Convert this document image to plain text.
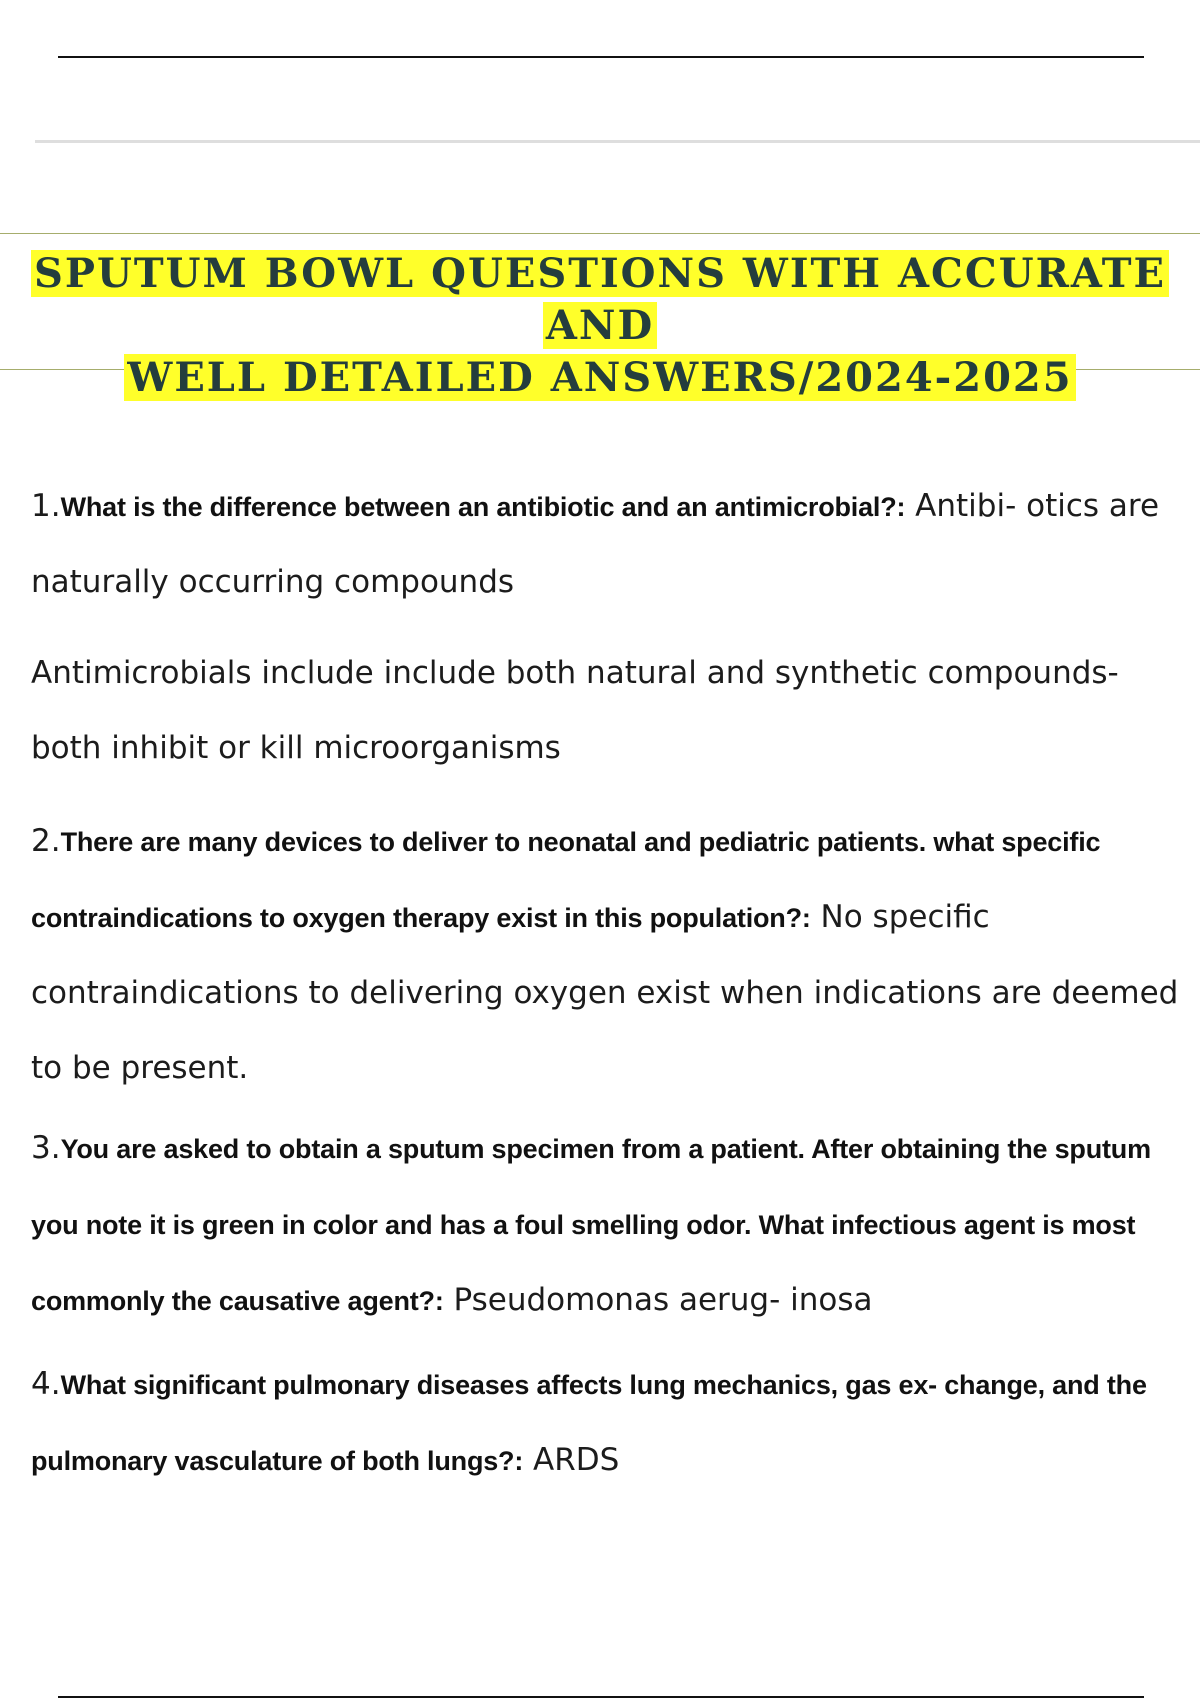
SPUTUM BOWL QUESTIONS WITH ACCURATE AND
WELL DETAILED ANSWERS/2024-2025

1.What is the difference between an antibiotic and an antimicrobial?: Antibi- otics are naturally occurring compounds

Antimicrobials include include both natural and synthetic compounds- both inhibit or kill microorganisms

2.There are many devices to deliver to neonatal and pediatric patients. what specific contraindications to oxygen therapy exist in this population?: No specific contraindications to delivering oxygen exist when indications are deemed to be present.

3.You are asked to obtain a sputum specimen from a patient. After obtaining the sputum you note it is green in color and has a foul smelling odor. What infectious agent is most commonly the causative agent?: Pseudomonas aerug- inosa

4.What significant pulmonary diseases affects lung mechanics, gas ex- change, and the pulmonary vasculature of both lungs?: ARDS
